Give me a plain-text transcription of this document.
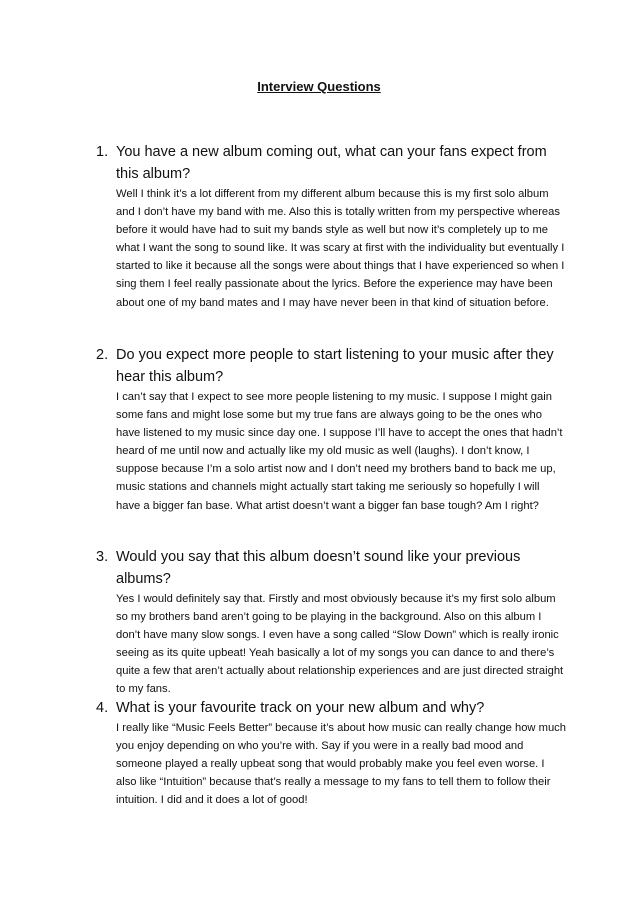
Interview Questions
1. You have a new album coming out, what can your fans expect from this album?

Well I think it’s a lot different from my different album because this is my first solo album and I don’t have my band with me. Also this is totally written from my perspective whereas before it would have had to suit my bands style as well but now it’s completely up to me what I want the song to sound like. It was scary at first with the individuality but eventually I started to like it because all the songs were about things that I have experienced so when I sing them I feel really passionate about the lyrics. Before the experience may have been about one of my band mates and I may have never been in that kind of situation before.

2. Do you expect more people to start listening to your music after they hear this album?

I can’t say that I expect to see more people listening to my music. I suppose I might gain some fans and might lose some but my true fans are always going to be the ones who have listened to my music since day one. I suppose I’ll have to accept the ones that hadn’t heard of me until now and actually like my old music as well (laughs). I don’t know, I suppose because I’m a solo artist now and I don’t need my brothers band to back me up, music stations and channels might actually start taking me seriously so hopefully I will have a bigger fan base. What artist doesn’t want a bigger fan base tough? Am I right?

3. Would you say that this album doesn’t sound like your previous albums?

Yes I would definitely say that. Firstly and most obviously because it’s my first solo album so my brothers band aren’t going to be playing in the background. Also on this album I don’t have many slow songs. I even have a song called “Slow Down” which is really ironic seeing as its quite upbeat! Yeah basically a lot of my songs you can dance to and there’s quite a few that aren’t actually about relationship experiences and are just directed straight to my fans.

4. What is your favourite track on your new album and why?

I really like “Music Feels Better” because it’s about how music can really change how much you enjoy depending on who you’re with. Say if you were in a really bad mood and someone played a really upbeat song that would probably make you feel even worse. I also like “Intuition” because that’s really a message to my fans to tell them to follow their intuition. I did and it does a lot of good!
